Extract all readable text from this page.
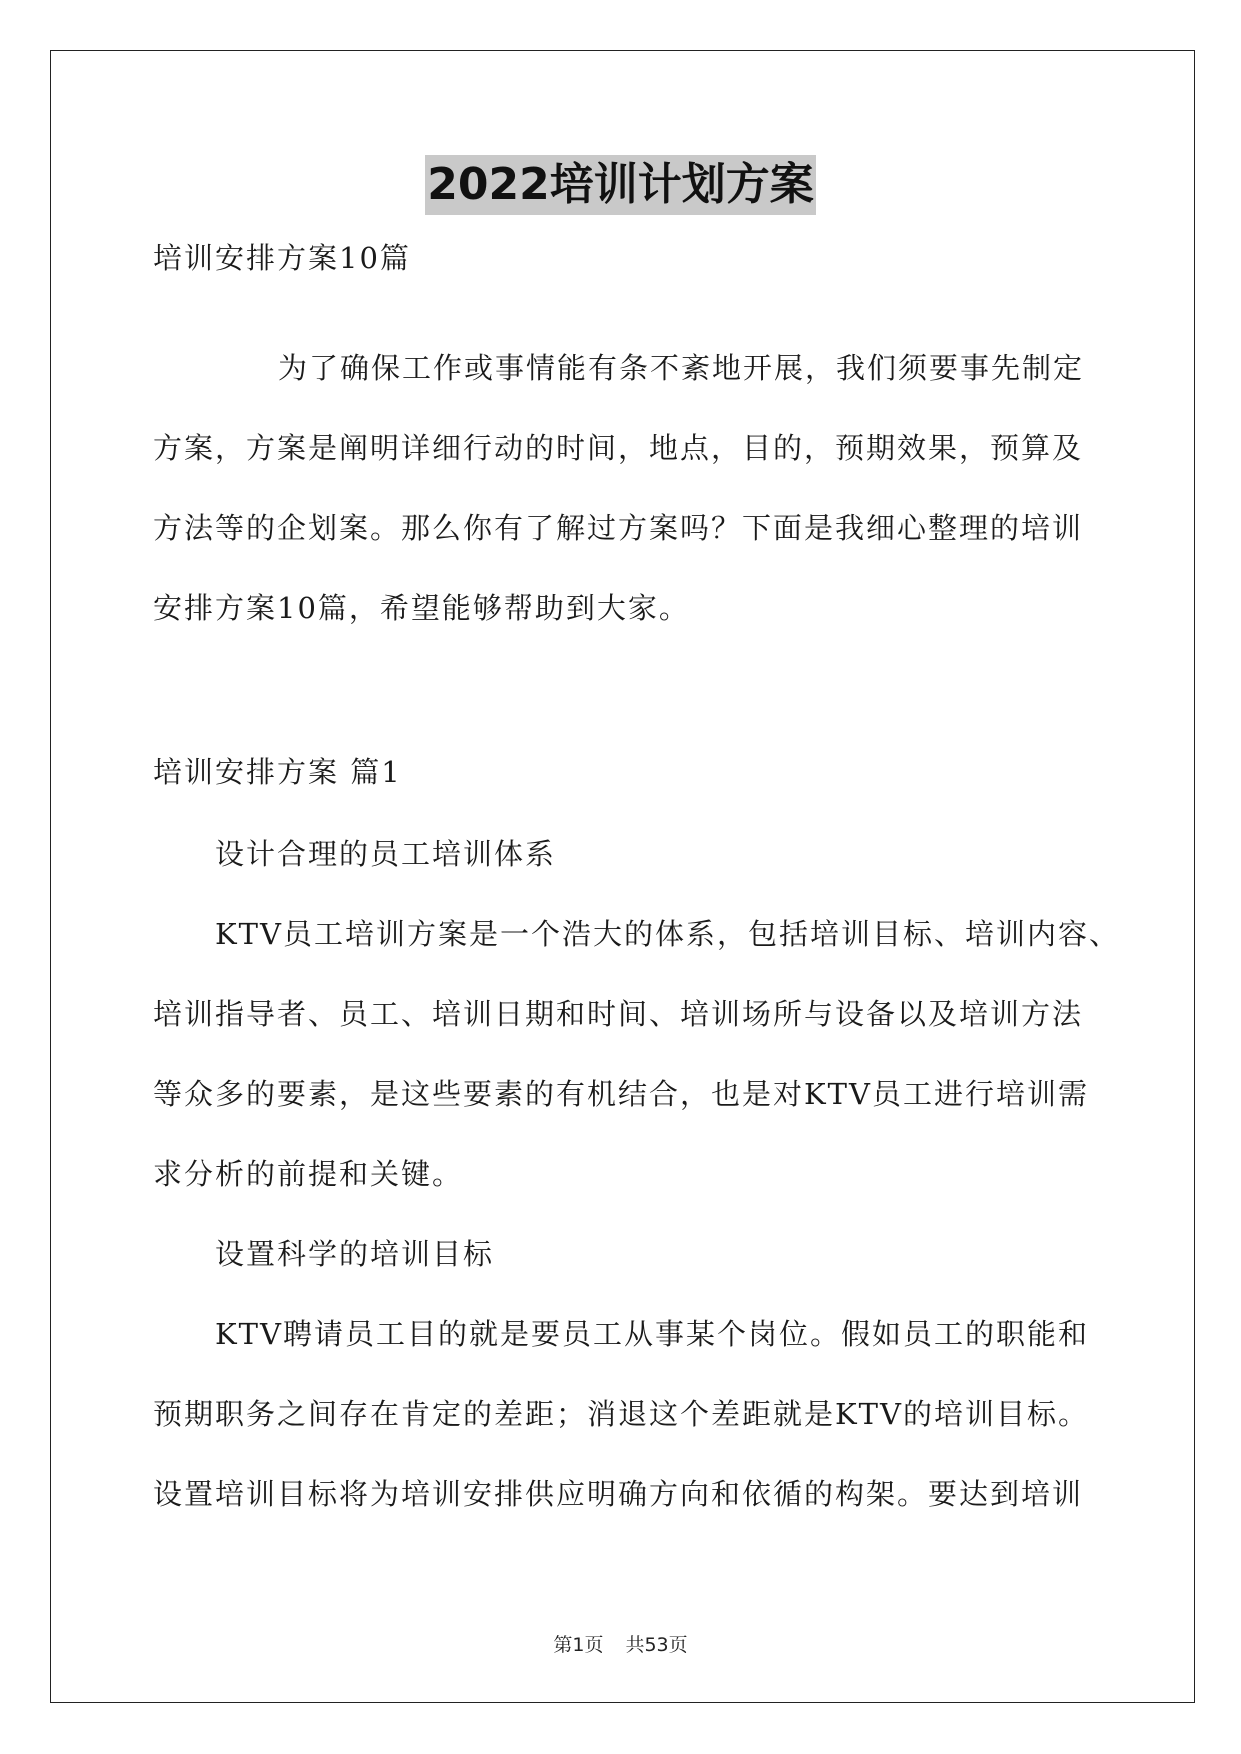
2022培训计划方案
培训安排方案10篇
为了确保工作或事情能有条不紊地开展，我们须要事先制定
方案，方案是阐明详细行动的时间，地点，目的，预期效果，预算及
方法等的企划案。那么你有了解过方案吗？下面是我细心整理的培训
安排方案10篇，希望能够帮助到大家。
培训安排方案 篇1
设计合理的员工培训体系
KTV员工培训方案是一个浩大的体系，包括培训目标、培训内容、
培训指导者、员工、培训日期和时间、培训场所与设备以及培训方法
等众多的要素，是这些要素的有机结合，也是对KTV员工进行培训需
求分析的前提和关键。
设置科学的培训目标
KTV聘请员工目的就是要员工从事某个岗位。假如员工的职能和
预期职务之间存在肯定的差距；消退这个差距就是KTV的培训目标。
设置培训目标将为培训安排供应明确方向和依循的构架。要达到培训
第1页 共53页
